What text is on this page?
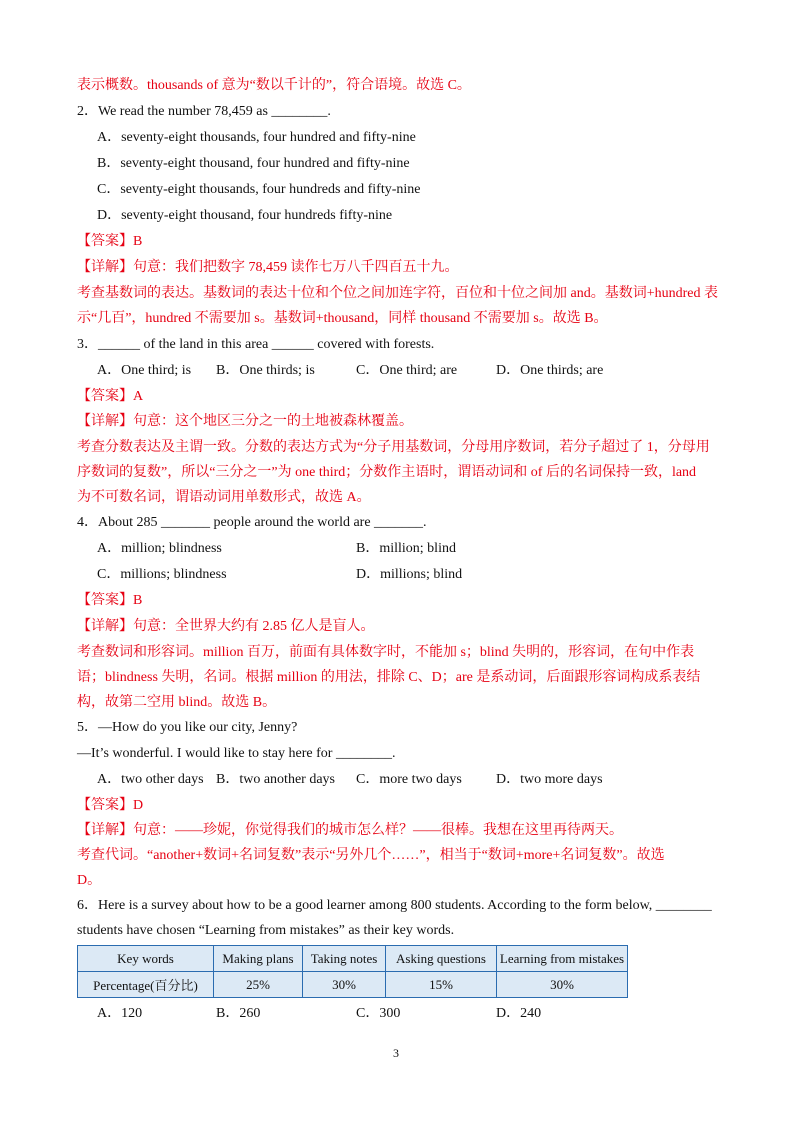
表示概数。thousands of 意为“数以千计的”，符合语境。故选 C。
2．We read the number 78,459 as ________.
A．seventy-eight thousands, four hundred and fifty-nine
B．seventy-eight thousand, four hundred and fifty-nine
C．seventy-eight thousands, four hundreds and fifty-nine
D．seventy-eight thousand, four hundreds fifty-nine
【答案】B
【详解】句意：我们把数字 78,459 读作七万八千四百五十九。
考查基数词的表达。基数词的表达十位和个位之间加连字符，百位和十位之间加 and。基数词+hundred 表
示“几百”，hundred 不需要加 s。基数词+thousand，同样 thousand 不需要加 s。故选 B。
3．______ of the land in this area ______ covered with forests.
A．One third; is B．One thirds; is	C．One third; are	D．One thirds; are
【答案】A
【详解】句意：这个地区三分之一的土地被森林覆盖。
考查分数表达及主谓一致。分数的表达方式为“分子用基数词，分母用序数词，若分子超过了 1，分母用
序数词的复数”，所以“三分之一”为 one third；分数作主语时，谓语动词和 of 后的名词保持一致，land
为不可数名词，谓语动词用单数形式，故选 A。
4．About 285 _______ people around the world are _______.
A．million; blindness	B．million; blind
C．millions; blindness	D．millions; blind
【答案】B
【详解】句意：全世界大约有 2.85 亿人是盲人。
考查数词和形容词。million 百万，前面有具体数字时，不能加 s；blind 失明的，形容词，在句中作表
语；blindness 失明，名词。根据 million 的用法，排除 C、D；are 是系动词，后面跟形容词构成系表结
构，故第二空用 blind。故选 B。
5．—How do you like our city, Jenny?
—It’s wonderful. I would like to stay here for ________.
A．two other days B．two another days C．more two days D．two more days
【答案】D
【详解】句意：——珍妮，你觉得我们的城市怎么样？——很棒。我想在这里再待两天。
考查代词。“another+数词+名词复数”表示“另外几个……”，相当于“数词+more+名词复数”。故选
D。
6．Here is a survey about how to be a good learner among 800 students. According to the form below, ________
students have chosen “Learning from mistakes” as their key words.
Key words	Making plans	Taking notes	Asking questions	Learning from mistakes
Percentage(百分比)	25%	30%	15%	30%
A．120	B．260	C．300	D．240
3
